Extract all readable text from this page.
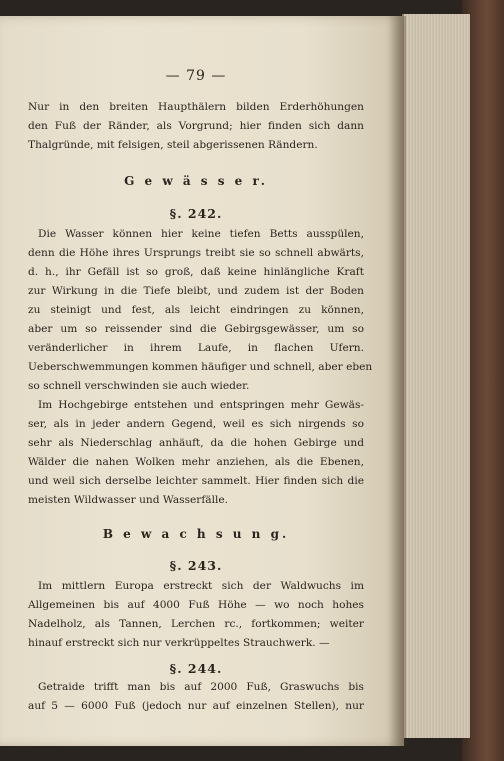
— 79 —
Nur in den breiten Haupthälern bilden Erderhöhungen
den Fuß der Ränder, als Vorgrund; hier finden sich dann
Thalgründe, mit felsigen, steil abgerissenen Rändern.
G e w ä s s e r.
§. 242.
Die Wasser können hier keine tiefen Betts ausspülen,
denn die Höhe ihres Ursprungs treibt sie so schnell abwärts,
d. h., ihr Gefäll ist so groß, daß keine hinlängliche Kraft
zur Wirkung in die Tiefe bleibt, und zudem ist der Boden
zu steinigt und fest, als leicht eindringen zu können,
aber um so reissender sind die Gebirgsgewässer, um so
veränderlicher in ihrem Laufe, in flachen Ufern.
Ueberschwemmungen kommen häufiger und schnell, aber eben
so schnell verschwinden sie auch wieder.
Im Hochgebirge entstehen und entspringen mehr Gewäs-
ser, als in jeder andern Gegend, weil es sich nirgends so
sehr als Niederschlag anhäuft, da die hohen Gebirge und
Wälder die nahen Wolken mehr anziehen, als die Ebenen,
und weil sich derselbe leichter sammelt. Hier finden sich die
meisten Wildwasser und Wasserfälle.
B e w a c h s u n g.
§. 243.
Im mittlern Europa erstreckt sich der Waldwuchs im
Allgemeinen bis auf 4000 Fuß Höhe — wo noch hohes
Nadelholz, als Tannen, Lerchen rc., fortkommen; weiter
hinauf erstreckt sich nur verkrüppeltes Strauchwerk. —
§. 244.
Getraide trifft man bis auf 2000 Fuß, Graswuchs bis
auf 5 — 6000 Fuß (jedoch nur auf einzelnen Stellen), nur
